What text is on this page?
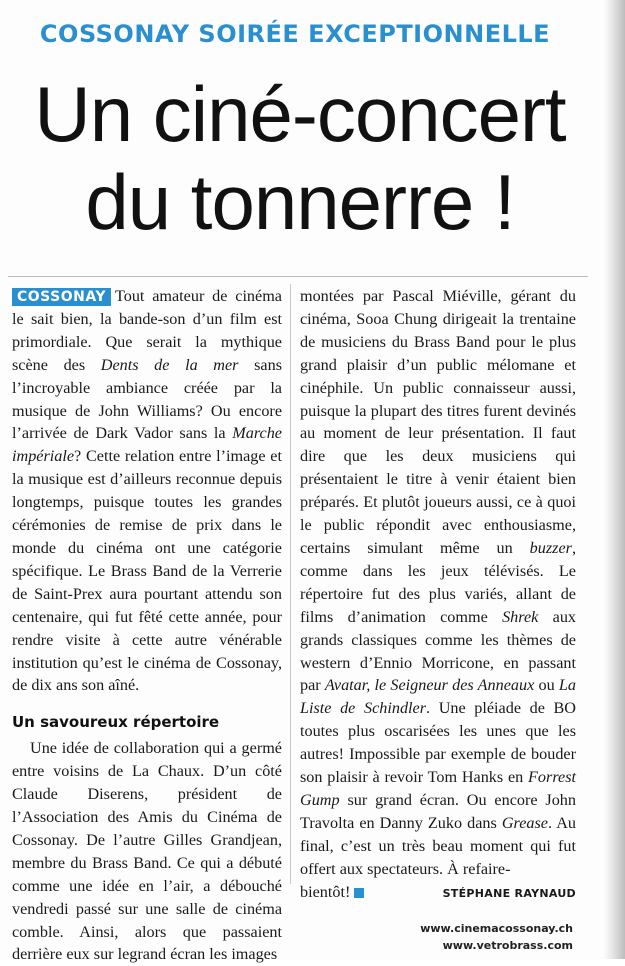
COSSONAY SOIRÉE EXCEPTIONNELLE
Un ciné-concert
du tonnerre !

COSSONAY Tout amateur de cinéma le sait bien, la bande-son d’un film est primordiale. Que serait la mythique scène des Dents de la mer sans l’incroyable ambiance créée par la musique de John Williams? Ou encore l’arrivée de Dark Vador sans la Marche impériale? Cette relation entre l’image et la musique est d’ailleurs reconnue depuis longtemps, puisque toutes les grandes cérémonies de remise de prix dans le monde du cinéma ont une catégorie spécifique. Le Brass Band de la Verrerie de Saint-Prex aura pourtant attendu son centenaire, qui fut fêté cette année, pour rendre visite à cette autre vénérable institution qu’est le cinéma de Cossonay, de dix ans son aîné.

Un savoureux répertoire

Une idée de collaboration qui a germé entre voisins de La Chaux. D’un côté Claude Diserens, président de l’Association des Amis du Cinéma de Cossonay. De l’autre Gilles Grandjean, membre du Brass Band. Ce qui a débuté comme une idée en l’air, a débouché vendredi passé sur une salle de cinéma comble. Ainsi, alors que passaient derrière eux sur legrand écran les images

montées par Pascal Miéville, gérant du cinéma, Sooa Chung dirigeait la trentaine de musiciens du Brass Band pour le plus grand plaisir d’un public mélomane et cinéphile. Un public connaisseur aussi, puisque la plupart des titres furent devinés au moment de leur présentation. Il faut dire que les deux musiciens qui présentaient le titre à venir étaient bien préparés. Et plutôt joueurs aussi, ce à quoi le public répondit avec enthousiasme, certains simulant même un buzzer, comme dans les jeux télévisés. Le répertoire fut des plus variés, allant de films d’animation comme Shrek aux grands classiques comme les thèmes de western d’Ennio Morricone, en passant par Avatar, le Seigneur des Anneaux ou La Liste de Schindler. Une pléiade de BO toutes plus oscarisées les unes que les autres! Impossible par exemple de bouder son plaisir à revoir Tom Hanks en Forrest Gump sur grand écran. Ou encore John Travolta en Danny Zuko dans Grease. Au final, c’est un très beau moment qui fut offert aux spectateurs. À refaire-

bientôt!	STÉPHANE RAYNAUD
www.cinemacossonay.ch
www.vetrobrass.com
